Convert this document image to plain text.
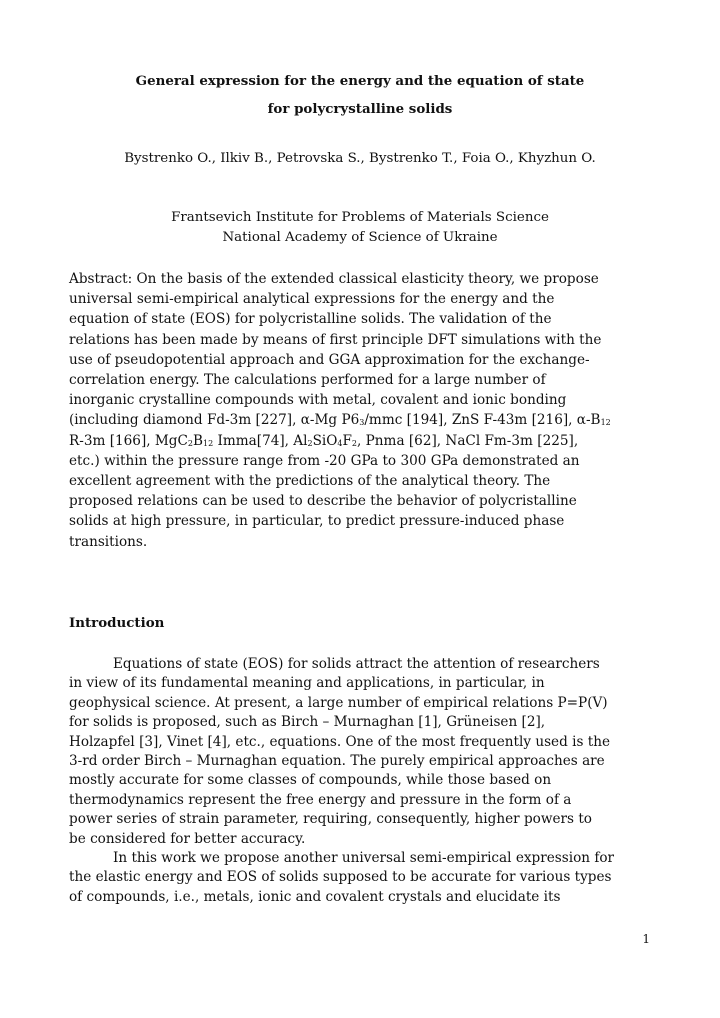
General expression for the energy and the equation of state
for polycrystalline solids
Bystrenko O., Ilkiv B., Petrovska S., Bystrenko T., Foia O., Khyzhun O.
Frantsevich Institute for Problems of Materials Science
National Academy of Science of Ukraine
Abstract: On the basis of the extended classical elasticity theory, we propose
universal semi-empirical analytical expressions for the energy and the
equation of state (EOS) for polycristalline solids. The validation of the
relations has been made by means of first principle DFT simulations with the
use of pseudopotential approach and GGA approximation for the exchange-
correlation energy. The calculations performed for a large number of
inorganic crystalline compounds with metal, covalent and ionic bonding
(including diamond Fd-3m [227], α-Mg $P6_3$/mmc [194], ZnS F-43m [216], $\alpha-B_{12}$
R-3m [166], $MgC_2B_{12}$ Imma[74], $Al_2SiO_4F_2$, Pnma [62], NaCl Fm-3m [225],
etc.) within the pressure range from -20 GPa to 300 GPa demonstrated an
excellent agreement with the predictions of the analytical theory. The
proposed relations can be used to describe the behavior of polycristalline
solids at high pressure, in particular, to predict pressure-induced phase
transitions.
Introduction
Equations of state (EOS) for solids attract the attention of researchers
in view of its fundamental meaning and applications, in particular, in
geophysical science. At present, a large number of empirical relations P=P(V)
for solids is proposed, such as Birch – Murnaghan [1], Grüneisen [2],
Holzapfel [3], Vinet [4], etc., equations. One of the most frequently used is the
3-rd order Birch – Murnaghan equation. The purely empirical approaches are
mostly accurate for some classes of compounds, while those based on
thermodynamics represent the free energy and pressure in the form of a
power series of strain parameter, requiring, consequently, higher powers to
be considered for better accuracy.
In this work we propose another universal semi-empirical expression for
the elastic energy and EOS of solids supposed to be accurate for various types
of compounds, i.e., metals, ionic and covalent crystals and elucidate its
1
